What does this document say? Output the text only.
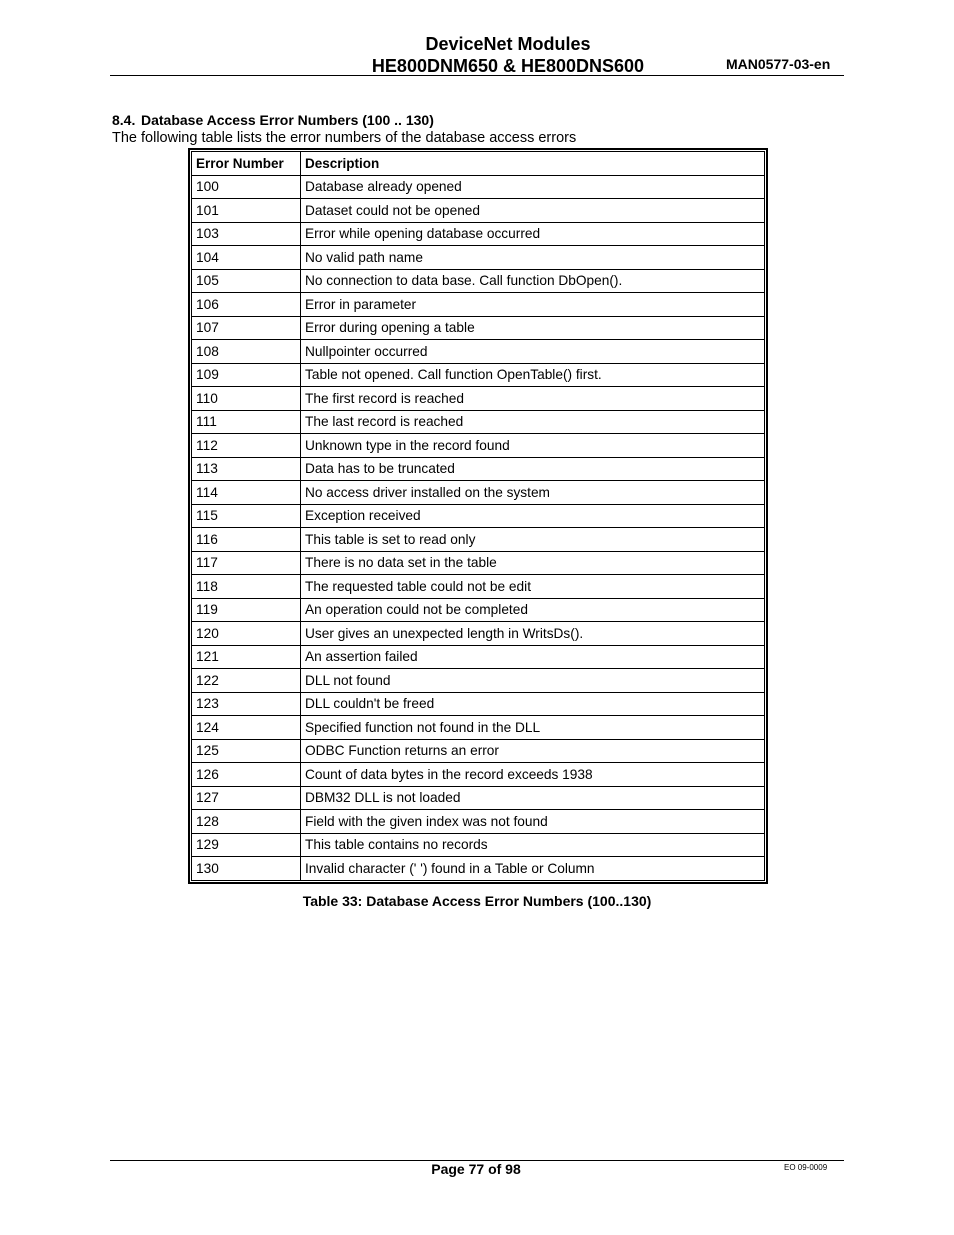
DeviceNet Modules
HE800DNM650 & HE800DNS600	MAN0577-03-en
8.4. Database Access Error Numbers (100 .. 130)
The following table lists the error numbers of the database access errors
Error Number	Description
100	Database already opened
101	Dataset could not be opened
103	Error while opening database occurred
104	No valid path name
105	No connection to data base. Call function DbOpen().
106	Error in parameter
107	Error during opening a table
108	Nullpointer occurred
109	Table not opened. Call function OpenTable() first.
110	The first record is reached
111	The last record is reached
112	Unknown type in the record found
113	Data has to be truncated
114	No access driver installed on the system
115	Exception received
116	This table is set to read only
117	There is no data set in the table
118	The requested table could not be edit
119	An operation could not be completed
120	User gives an unexpected length in WritsDs().
121	An assertion failed
122	DLL not found
123	DLL couldn't be freed
124	Specified function not found in the DLL
125	ODBC Function returns an error
126	Count of data bytes in the record exceeds 1938
127	DBM32 DLL is not loaded
128	Field with the given index was not found
129	This table contains no records
130	Invalid character (' ') found in a Table or Column
Table 33: Database Access Error Numbers (100..130)
Page 77 of 98	EO 09-0009
